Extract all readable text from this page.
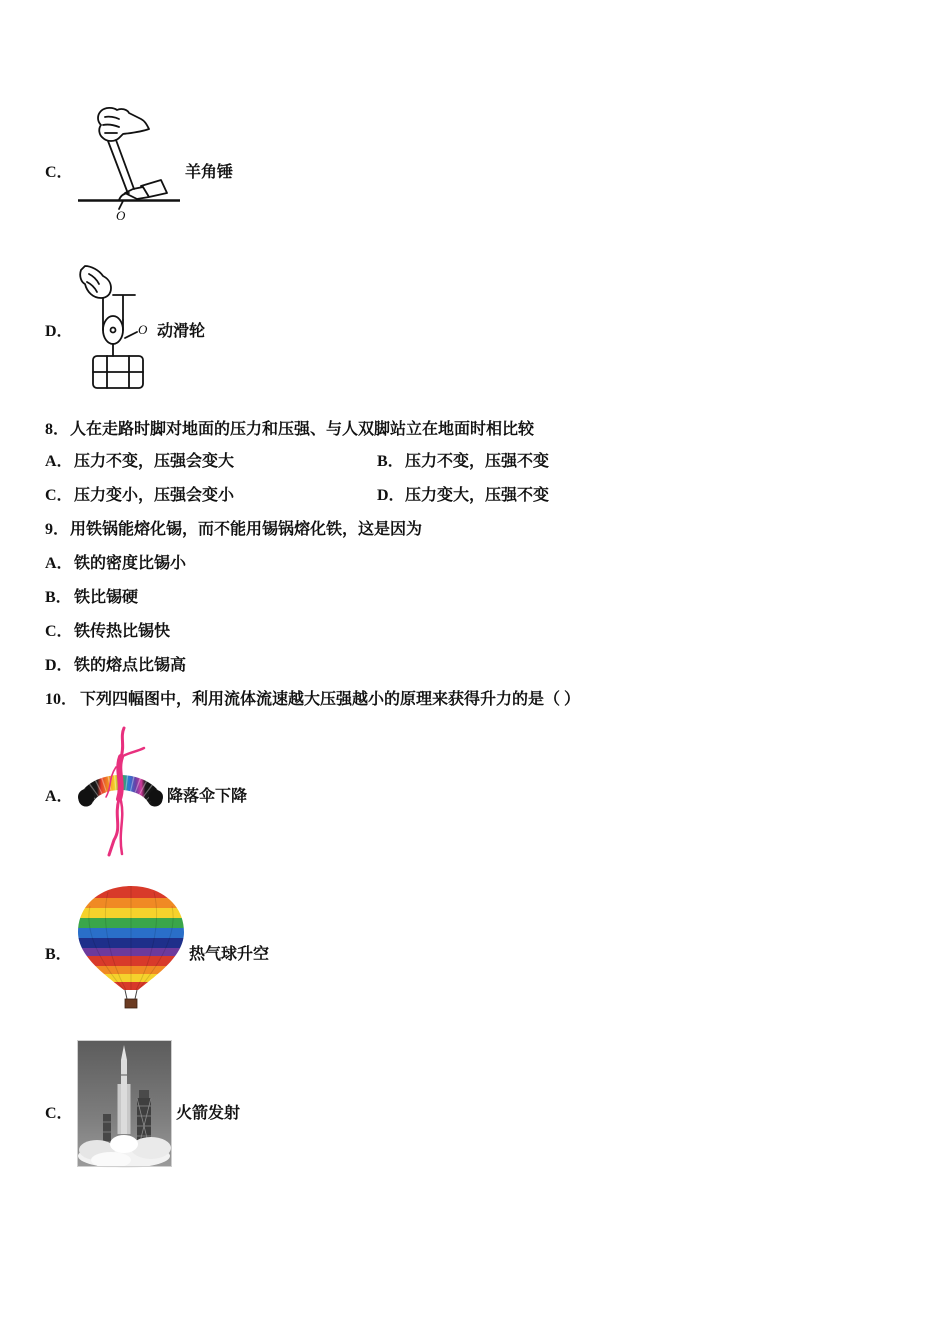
C．
O
羊角锤
D．	O 动滑轮
8．人在走路时脚对地面的压力和压强、与人双脚站立在地面时相比较
A．压力不变，压强会变大	B．压力不变，压强不变
C．压力变小，压强会变小	D．压力变大，压强不变
9．用铁锅能熔化锡，而不能用锡锅熔化铁，这是因为
A．铁的密度比锡小
B． 铁比锡硬
C．铁传热比锡快
D．铁的熔点比锡高
10． 下列四幅图中，利用流体流速越大压强越小的原理来获得升力的是（ ）
A．	降落伞下降
B．	热气球升空
C．	火箭发射
